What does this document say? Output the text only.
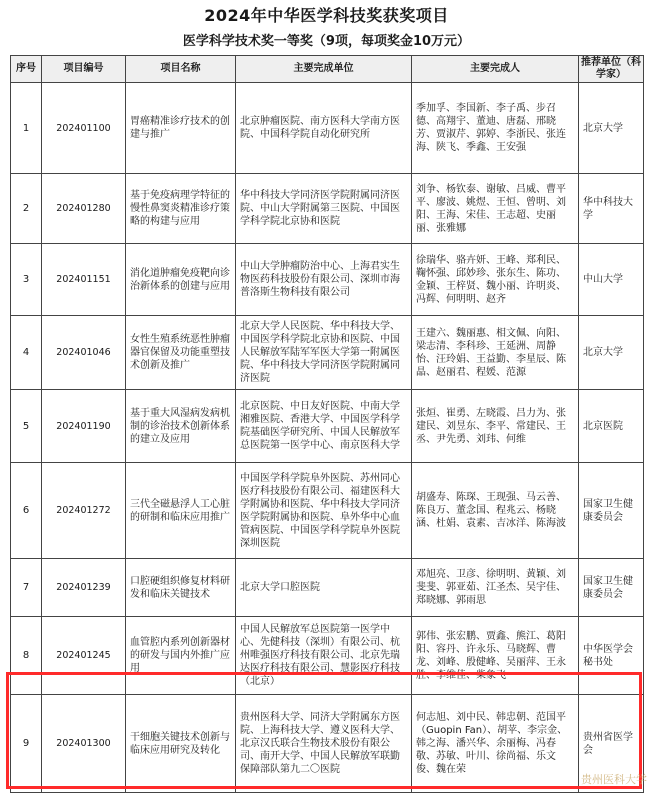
2024年中华医学科技奖获奖项目
医学科学技术奖一等奖（9项，每项奖金10万元）
序号	项目编号	项目名称	主要完成单位	主要完成人	推荐单位（科学家）
1	202401100	胃癌精准诊疗技术的创建与推广	北京肿瘤医院、南方医科大学南方医院、中国科学院自动化研究所	季加孚、李国新、李子禹、步召德、高翔宇、董迪、唐磊、邢晓芳、贾淑芹、郭婷、李浙民、张连海、陕飞、季鑫、王安强	北京大学
2	202401280	基于免疫病理学特征的慢性鼻窦炎精准诊疗策略的构建与应用	华中科技大学同济医学院附属同济医院、中山大学附属第三医院、中国医学科学院北京协和医院	刘争、杨钦泰、谢敏、吕威、曹平平、廖波、姚煜、王恒、曾明、刘阳、王海、宋佳、王志超、史丽丽、张雅娜	华中科技大学
3	202401151	消化道肿瘤免疫靶向诊治新体系的创建与应用	中山大学肿瘤防治中心、上海君实生物医药科技股份有限公司、深圳市海普洛斯生物科技有限公司	徐瑞华、骆卉妍、王峰、郑利民、鞠怀强、邱妙珍、张东生、陈功、金颖、王梓贤、魏小丽、许明炎、冯辉、何明明、赵齐	中山大学
4	202401046	女性生殖系统恶性肿瘤器官保留及功能重塑技术创新及推广	北京大学人民医院、华中科技大学、中国医学科学院北京协和医院、中国人民解放军陆军军医大学第一附属医院、华中科技大学同济医学院附属同济医院	王建六、魏丽惠、相文佩、向阳、梁志清、李科珍、王延洲、周静怡、汪玲娟、王益勤、李星辰、陈晶、赵丽君、程媛、范源	北京大学
5	202401190	基于重大风湿病发病机制的诊治技术创新体系的建立及应用	北京医院、中日友好医院、中南大学湘雅医院、香港大学、中国医学科学院基础医学研究所、中国人民解放军总医院第一医学中心、南京医科大学	张烜、崔勇、左晓霞、吕力为、张建民、刘昱东、李平、常建民、王丞、尹先勇、刘玮、何维	北京医院
6	202401272	三代全磁悬浮人工心脏的研制和临床应用推广	中国医学科学院阜外医院、苏州同心医疗科技股份有限公司、福建医科大学附属协和医院、华中科技大学同济医学院附属协和医院、阜外华中心血管病医院、中国医学科学院阜外医院深圳医院	胡盛寿、陈琛、王现强、马云善、陈良万、董念国、程兆云、杨晓涵、杜娟、袁素、吉冰洋、陈海波	国家卫生健康委员会
7	202401239	口腔硬组织修复材料研发和临床关键技术	北京大学口腔医院	邓旭亮、卫彦、徐明明、黄颖、刘斐斐、郭亚茹、江圣杰、吴宇佳、郑晓娜、郭雨思	国家卫生健康委员会
8	202401245	血管腔内系列创新器材的研发与国内外推广应用	中国人民解放军总医院第一医学中心、先健科技（深圳）有限公司、杭州唯强医疗科技有限公司、北京先瑞达医疗科技有限公司、慧影医疗科技（北京）	郭伟、张宏鹏、贾鑫、熊江、葛阳阳、容丹、许永乐、马晓辉、曹龙、刘峰、殷健峰、吴丽萍、王永胜、李维佳、柴象飞	中华医学会秘书处
9	202401300	干细胞关键技术创新与临床应用研究及转化	贵州医科大学、同济大学附属东方医院、上海科技大学、遵义医科大学、北京汉氏联合生物技术股份有限公司、南开大学、中国人民解放军联勤保障部队第九二〇医院	何志旭、刘中民、韩忠朝、范国平（Guopin Fan）、胡苹、李宗金、韩之海、潘兴华、余丽梅、冯春敬、苏敏、叶川、徐尚福、乐文俊、魏在荣	贵州省医学会
贵州医科大学
